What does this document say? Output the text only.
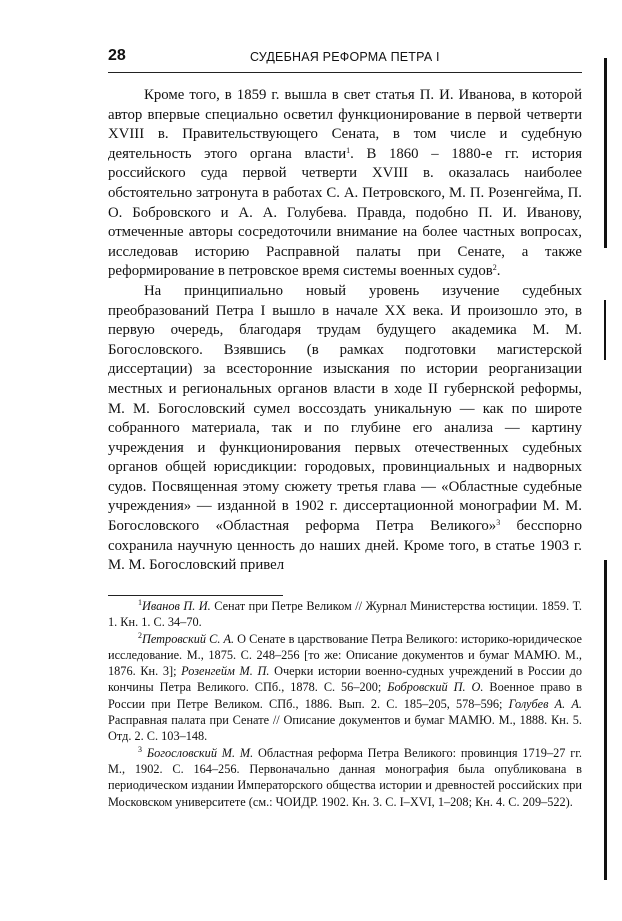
28	СУДЕБНАЯ РЕФОРМА ПЕТРА I

Кроме того, в 1859 г. вышла в свет статья П. И. Иванова, в которой автор впервые специально осветил функционирование в первой четверти XVIII в. Правительствующего Сената, в том числе и судебную деятельность этого органа власти$^1$. В 1860 – 1880-е гг. история российского суда первой четверти XVIII в. оказалась наиболее обстоятельно затронута в работах С. А. Петровского, М. П. Розенгейма, П. О. Бобровского и А. А. Голубева. Правда, подобно П. И. Иванову, отмеченные авторы сосредоточили внимание на более частных вопросах, исследовав историю Расправной палаты при Сенате, а также реформирование в петровское время системы военных судов$^2$.

На принципиально новый уровень изучение судебных преобразований Петра I вышло в начале XX века. И произошло это, в первую очередь, благодаря трудам будущего академика М. М. Богословского. Взявшись (в рамках подготовки магистерской диссертации) за всесторонние изыскания по истории реорганизации местных и региональных органов власти в ходе II губернской реформы, М. М. Богословский сумел воссоздать уникальную — как по широте собранного материала, так и по глубине его анализа — картину учреждения и функционирования первых отечественных судебных органов общей юрисдикции: городовых, провинциальных и надворных судов. Посвященная этому сюжету третья глава — «Областные судебные учреждения» — изданной в 1902 г. диссертационной монографии М. М. Богословского «Областная реформа Петра Великого»$^3$ бесспорно сохранила научную ценность до наших дней. Кроме того, в статье 1903 г. М. М. Богословский привел

$^1$Иванов П. И. Сенат при Петре Великом // Журнал Министерства юстиции. 1859. Т. 1. Кн. 1. С. 34–70.

$^2$Петровский С. А. О Сенате в царствование Петра Великого: историко-юридическое исследование. М., 1875. С. 248–256 [то же: Описание документов и бумаг МАМЮ. М., 1876. Кн. 3]; Розенгейм М. П. Очерки истории военно-судных учреждений в России до кончины Петра Великого. СПб., 1878. С. 56–200; Бобровский П. О. Военное право в России при Петре Великом. СПб., 1886. Вып. 2. С. 185–205, 578–596; Голубев А. А. Расправная палата при Сенате // Описание документов и бумаг МАМЮ. М., 1888. Кн. 5. Отд. 2. С. 103–148.

$^3$ Богословский М. М. Областная реформа Петра Великого: провинция 1719–27 гг. М., 1902. С. 164–256. Первоначально данная монография была опубликована в периодическом издании Императорского общества истории и древностей российских при Московском университете (см.: ЧОИДР. 1902. Кн. 3. С. I–XVI, 1–208; Кн. 4. С. 209–522).
